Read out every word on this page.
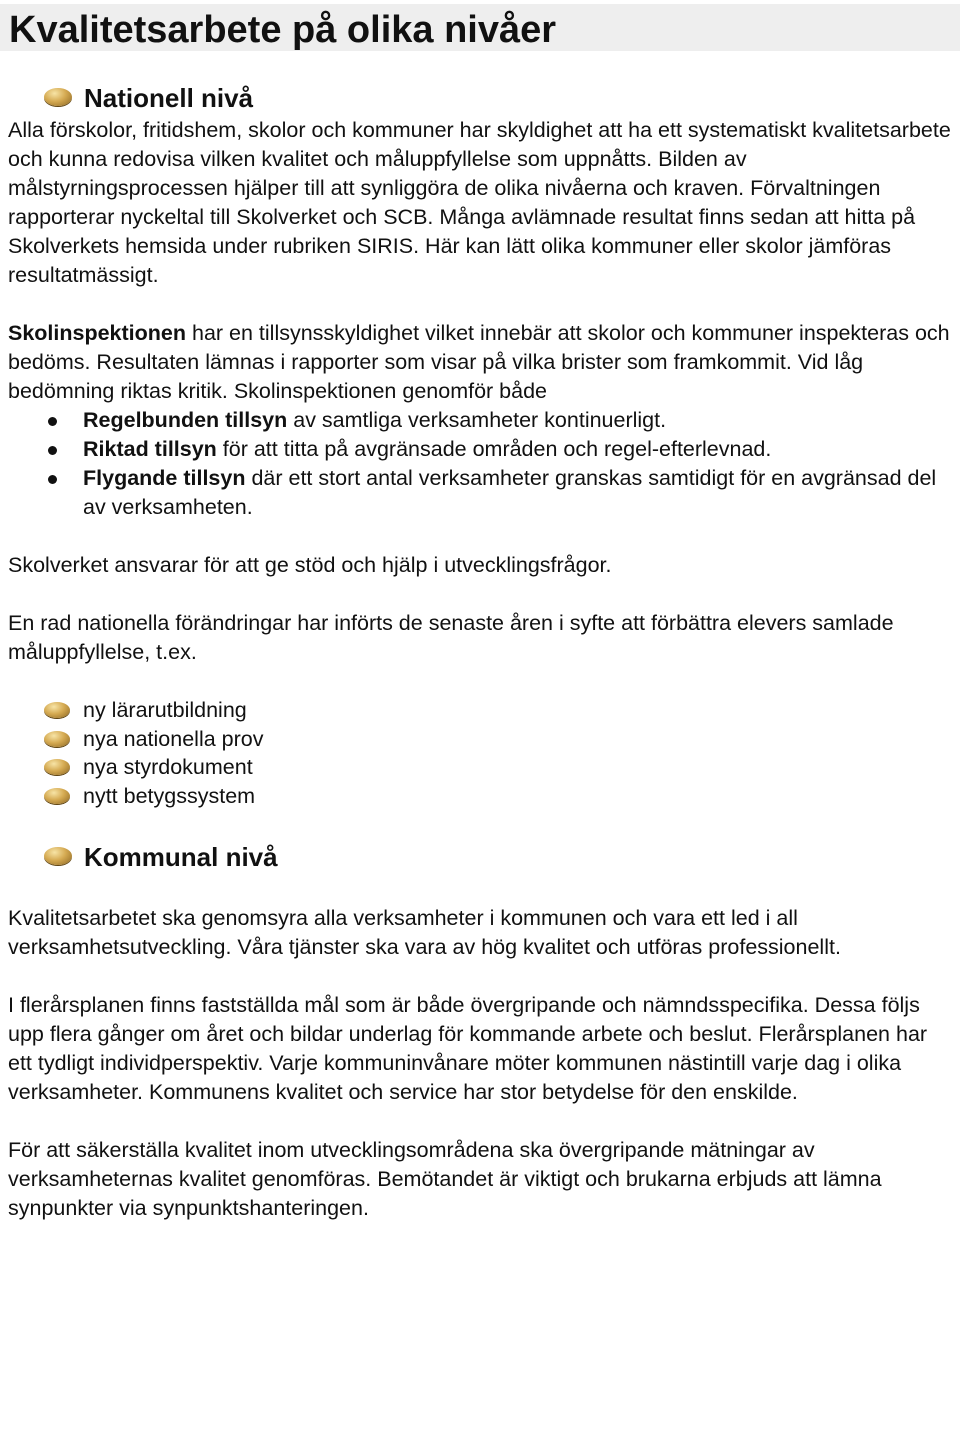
Kvalitetsarbete på olika nivåer
Nationell nivå

Alla förskolor, fritidshem, skolor och kommuner har skyldighet att ha ett systematiskt kvalitetsarbete och kunna redovisa vilken kvalitet och måluppfyllelse som uppnåtts. Bilden av målstyrningsprocessen hjälper till att synliggöra de olika nivåerna och kraven. Förvaltningen rapporterar nyckeltal till Skolverket och SCB. Många avlämnade resultat finns sedan att hitta på Skolverkets hemsida under rubriken SIRIS. Här kan lätt olika kommuner eller skolor jämföras resultatmässigt.

Skolinspektionen har en tillsynsskyldighet vilket innebär att skolor och kommuner inspekteras och bedöms. Resultaten lämnas i rapporter som visar på vilka brister som framkommit. Vid låg bedömning riktas kritik. Skolinspektionen genomför både

Regelbunden tillsyn av samtliga verksamheter kontinuerligt.
Riktad tillsyn för att titta på avgränsade områden och regel-efterlevnad.
Flygande tillsyn där ett stort antal verksamheter granskas samtidigt för en avgränsad del av verksamheten.

Skolverket ansvarar för att ge stöd och hjälp i utvecklingsfrågor.

En rad nationella förändringar har införts de senaste åren i syfte att förbättra elevers samlade måluppfyllelse, t.ex.

ny lärarutbildning
nya nationella prov
nya styrdokument
nytt betygssystem
Kommunal nivå

Kvalitetsarbetet ska genomsyra alla verksamheter i kommunen och vara ett led i all verksamhetsutveckling. Våra tjänster ska vara av hög kvalitet och utföras professionellt.

I flerårsplanen finns fastställda mål som är både övergripande och nämndsspecifika. Dessa följs upp flera gånger om året och bildar underlag för kommande arbete och beslut. Flerårsplanen har ett tydligt individperspektiv. Varje kommuninvånare möter kommunen nästintill varje dag i olika verksamheter. Kommunens kvalitet och service har stor betydelse för den enskilde.

För att säkerställa kvalitet inom utvecklingsområdena ska övergripande mätningar av verksamheternas kvalitet genomföras. Bemötandet är viktigt och brukarna erbjuds att lämna synpunkter via synpunktshanteringen.
